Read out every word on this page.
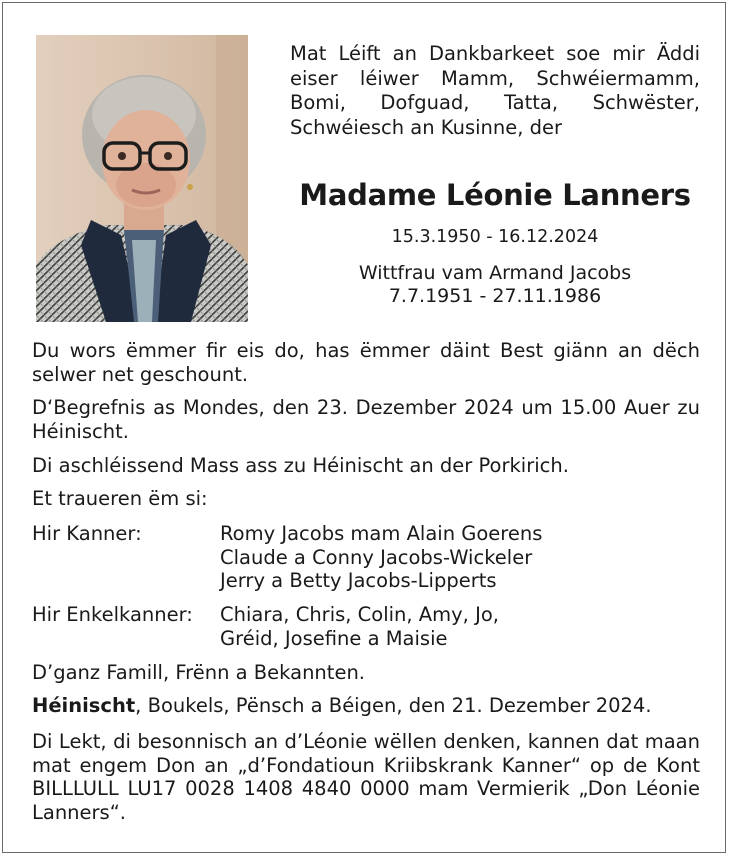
Mat Léift an Dankbarkeet soe mir Äddi eiser léiwer Mamm, Schwéiermamm, Bomi, Dofguad, Tatta, Schwëster, Schwéiesch an Kusinne, der
Madame Léonie Lanners
15.3.1950 - 16.12.2024
Wittfrau vam Armand Jacobs
7.7.1951 - 27.11.1986
Du wors ëmmer fir eis do, has ëmmer däint Best giänn an dëch selwer net geschount.
D‘Begrefnis as Mondes, den 23. Dezember 2024 um 15.00 Auer zu Héinischt.
Di aschléissend Mass ass zu Héinischt an der Porkirich.
Et traueren ëm si:
Hir Kanner:	Romy Jacobs mam Alain Goerens
Claude a Conny Jacobs-Wickeler
Jerry a Betty Jacobs-Lipperts
Hir Enkelkanner: Chiara, Chris, Colin, Amy, Jo,
Gréid, Josefine a Maisie
D’ganz Famill, Frënn a Bekannten.
Héinischt, Boukels, Pënsch a Béigen, den 21. Dezember 2024.
Di Lekt, di besonnisch an d’Léonie wëllen denken, kannen dat maan mat engem Don an „d’Fondatioun Kriibskrank Kanner“ op de Kont BILLLULL LU17 0028 1408 4840 0000 mam Vermierik „Don Léonie Lanners“.
